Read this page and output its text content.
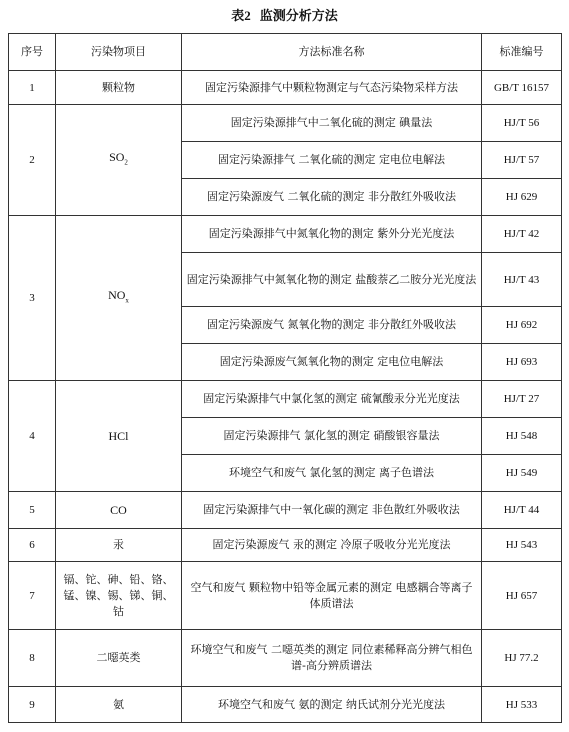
表2 监测分析方法
序号	污染物项目	方法标准名称	标准编号
1	颗粒物	固定污染源排气中颗粒物测定与气态污染物采样方法	GB/T 16157
2	$SO_2$	固定污染源排气中二氧化硫的测定 碘量法	HJ/T 56
		固定污染源排气 二氧化硫的测定 定电位电解法	HJ/T 57
		固定污染源废气 二氧化硫的测定 非分散红外吸收法	HJ 629
3	$NO_x$	固定污染源排气中氮氧化物的测定 紫外分光光度法	HJ/T 42
		固定污染源排气中氮氧化物的测定 盐酸萘乙二胺分光光度法	HJ/T 43
		固定污染源废气 氮氧化物的测定 非分散红外吸收法	HJ 692
		固定污染源废气氮氧化物的测定 定电位电解法	HJ 693
4	HCl	固定污染源排气中氯化氢的测定 硫氰酸汞分光光度法	HJ/T 27
		固定污染源排气 氯化氢的测定 硝酸银容量法	HJ 548
		环境空气和废气 氯化氢的测定 离子色谱法	HJ 549
5	CO	固定污染源排气中一氧化碳的测定 非色散红外吸收法	HJ/T 44
6	汞	固定污染源废气 汞的测定 冷原子吸收分光光度法	HJ 543
7	镉、铊、砷、铅、铬、锰、镍、锡、锑、铜、钴	空气和废气 颗粒物中铅等金属元素的测定 电感耦合等离子体质谱法	HJ 657
8	二噁英类	环境空气和废气 二噁英类的测定 同位素稀释高分辨气相色谱-高分辨质谱法	HJ 77.2
9	氨	环境空气和废气 氨的测定 纳氏试剂分光光度法	HJ 533
